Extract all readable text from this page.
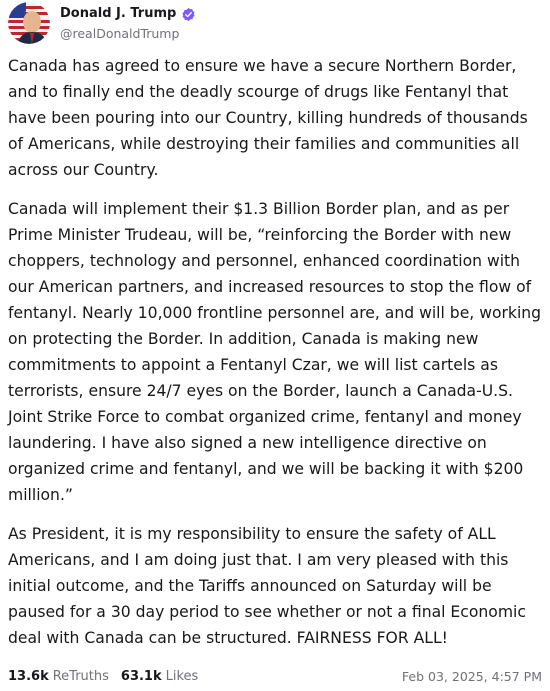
Donald J. Trump
@realDonaldTrump

Canada has agreed to ensure we have a secure Northern Border, and to finally end the deadly scourge of drugs like Fentanyl that have been pouring into our Country, killing hundreds of thousands of Americans, while destroying their families and communities all across our Country.

Canada will implement their $1.3 Billion Border plan, and as per Prime Minister Trudeau, will be, “reinforcing the Border with new choppers, technology and personnel, enhanced coordination with our American partners, and increased resources to stop the flow of fentanyl. Nearly 10,000 frontline personnel are, and will be, working on protecting the Border. In addition, Canada is making new commitments to appoint a Fentanyl Czar, we will list cartels as terrorists, ensure 24/7 eyes on the Border, launch a Canada-U.S. Joint Strike Force to combat organized crime, fentanyl and money laundering. I have also signed a new intelligence directive on organized crime and fentanyl, and we will be backing it with $200 million.”

As President, it is my responsibility to ensure the safety of ALL Americans, and I am doing just that. I am very pleased with this initial outcome, and the Tariffs announced on Saturday will be paused for a 30 day period to see whether or not a final Economic deal with Canada can be structured. FAIRNESS FOR ALL!

13.6k ReTruths 63.1k Likes	Feb 03, 2025, 4:57 PM
